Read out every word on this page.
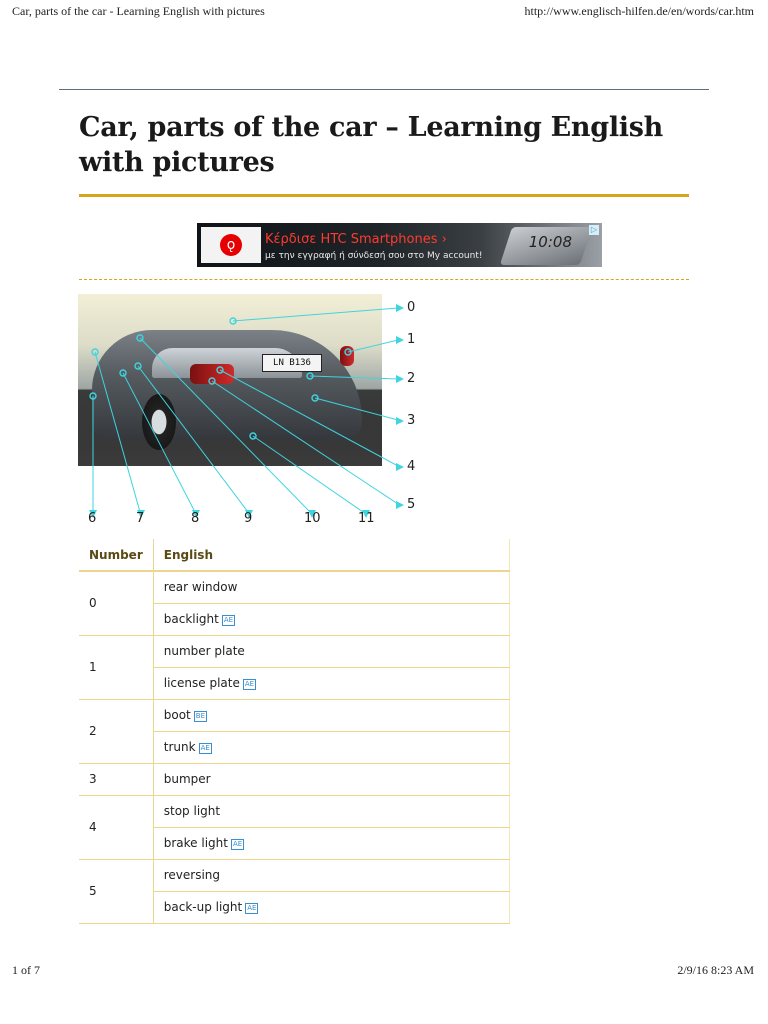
Car, parts of the car - Learning English with pictures	http://www.englisch-hilfen.de/en/words/car.htm
Car, parts of the car – Learning English with pictures
ǫ	Κέρδισε HTC Smartphones ›
με την εγγραφή ή σύνδεσή σου στο My account!
10:08
▷
LN B136
0
1
2
3
4
5
6	7	8	9	10	11
Number	English
0	rear window
	backlight AE
1	number plate
	license plate AE
2	boot BE
	trunk AE
3	bumper
4	stop light
	brake light AE
5	reversing
	back-up light AE
1 of 7	2/9/16 8:23 AM
